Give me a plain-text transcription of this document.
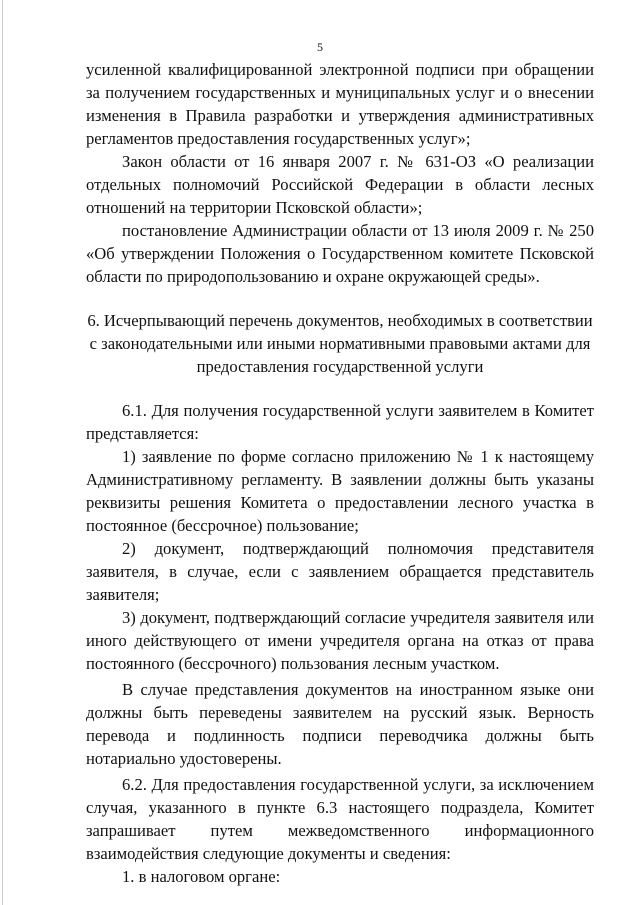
5

усиленной квалифицированной электронной подписи при обращении за получением государственных и муниципальных услуг и о внесении изменения в Правила разработки и утверждения административных регламентов предоставления государственных услуг»;

Закон области от 16 января 2007 г. № 631-ОЗ «О реализации отдельных полномочий Российской Федерации в области лесных отношений на территории Псковской области»;

постановление Администрации области от 13 июля 2009 г. № 250 «Об утверждении Положения о Государственном комитете Псковской области по природопользованию и охране окружающей среды».

6. Исчерпывающий перечень документов, необходимых в соответствии с законодательными или иными нормативными правовыми актами для предоставления государственной услуги

6.1. Для получения государственной услуги заявителем в Комитет представляется:

1) заявление по форме согласно приложению № 1 к настоящему Административному регламенту. В заявлении должны быть указаны реквизиты решения Комитета о предоставлении лесного участка в постоянное (бессрочное) пользование;

2) документ, подтверждающий полномочия представителя заявителя, в случае, если с заявлением обращается представитель заявителя;

3) документ, подтверждающий согласие учредителя заявителя или иного действующего от имени учредителя органа на отказ от права постоянного (бессрочного) пользования лесным участком.

В случае представления документов на иностранном языке они должны быть переведены заявителем на русский язык. Верность перевода и подлинность подписи переводчика должны быть нотариально удостоверены.

6.2. Для предоставления государственной услуги, за исключением случая, указанного в пункте 6.3 настоящего подраздела, Комитет запрашивает путем межведомственного информационного взаимодействия следующие документы и сведения:

1. в налоговом органе:
